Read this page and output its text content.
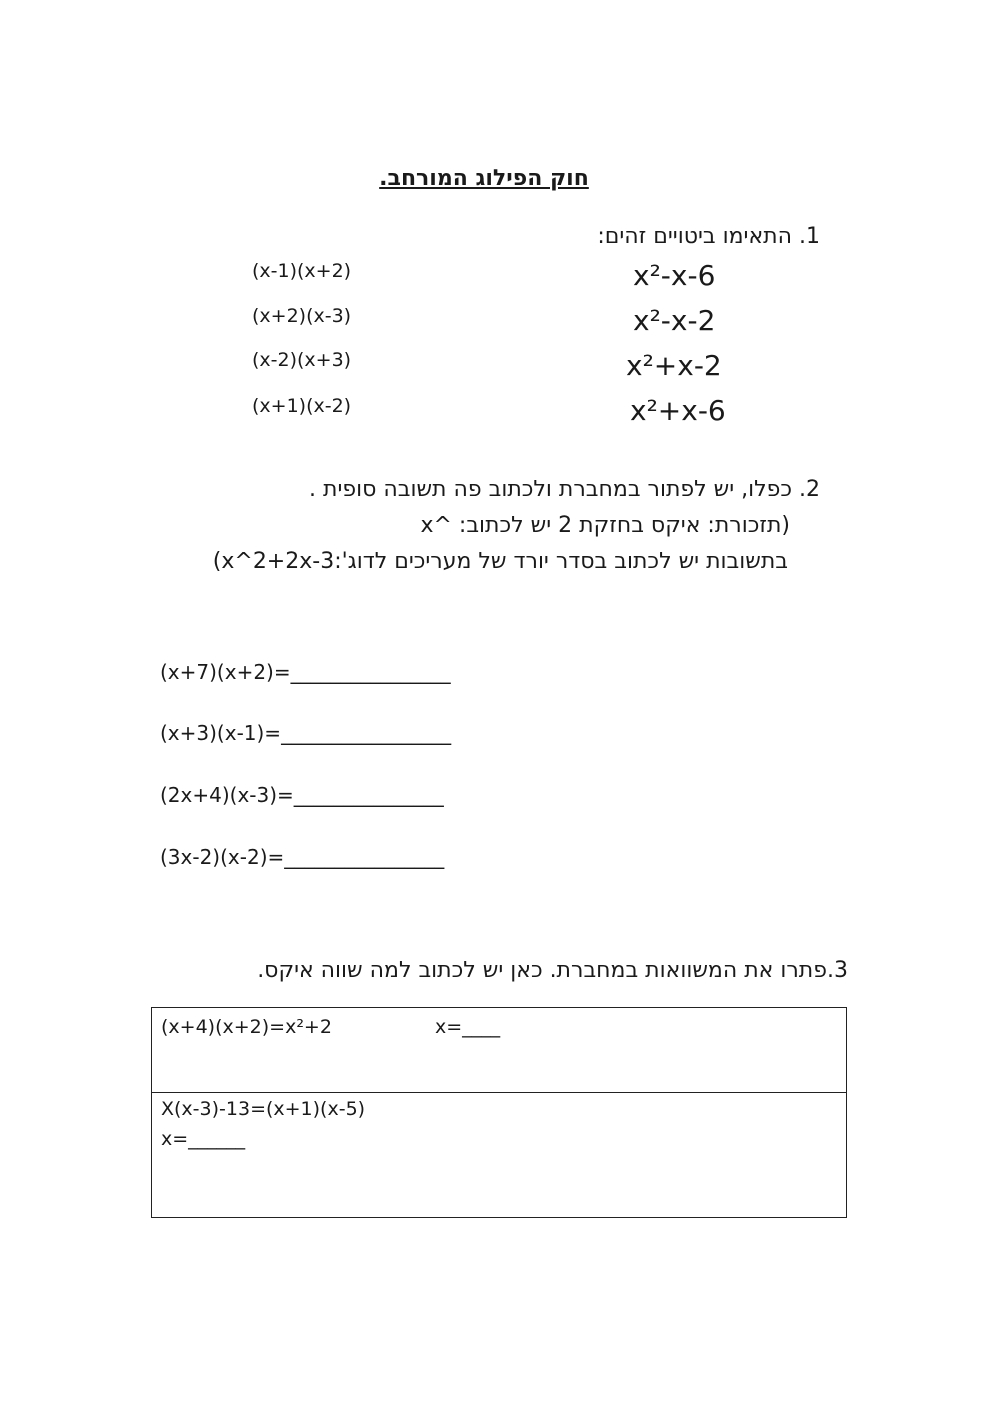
חוק הפילוג המורחב.
1. התאימו ביטויים זהים:
(x-1)(x+2)
(x+2)(x-3)
(x-2)(x+3)
(x+1)(x-2)
x²-x-6
x²-x-2
x²+x-2
x²+x-6
2. כפלו, יש לפתור במחברת ולכתוב פה תשובה סופית .
(תזכורת: איקס בחזקת 2 יש לכתוב: ^x
בתשובות יש לכתוב בסדר יורד של מעריכים לדוג':x^2+2x-3)
(x+7)(x+2)=________________
(x+3)(x-1)=_________________
(2x+4)(x-3)=_______________
(3x-2)(x-2)=________________
3.פתרו את המשוואות במחברת. כאן יש לכתוב למה שווה איקס.
(x+4)(x+2)=x²+2	x=____
X(x-3)-13=(x+1)(x-5)
x=______
